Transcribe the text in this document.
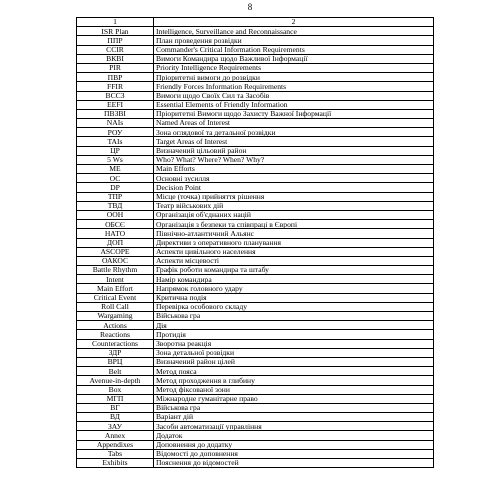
8
1	2
ISR Plan	Intelligence, Surveillance and Reconnaissance
ППР	План проведення розвідки
CCIR	Commander's Critical Information Requirements
ВКВІ	Вимоги Командира щодо Важливої Інформації
PIR	Priority Intelligence Requirements
ПВР	Пріоритетні вимоги до розвідки
FFIR	Friendly Forces Information Requirements
ВССЗ	Вимоги щодо Своїх Сил та Засобів
EEFI	Essential Elements of Friendly Information
ПВЗВІ	Пріоритетні Вимоги щодо Захисту Важної Інформації
NAIs	Named Areas of Interest
РОУ	Зона оглядової та детальної розвідки
TAIs	Target Areas of Interest
ЦР	Визначений цільовий район
5 Ws	Who? What? Where? When? Why?
ME	Main Efforts
ОС	Основні зусилля
DP	Decision Point
ТПР	Місце (точка) прийняття рішення
ТВД	Театр військових дій
ООН	Організація об'єднаних націй
ОБСЄ	Організація з безпеки та співпраці в Європі
НАТО	Північно-атлантичний Альянс
ДОП	Директиви з оперативного планування
ASCOPE	Аспекти цивільного населення
ОАКОС	Аспекти місцевості
Battle Rhythm	Графік роботи командира та штабу
Intent	Намір командира
Main Effort	Напрямок головного удару
Critical Event	Критична подія
Roll Call	Перевірка особового складу
Wargaming	Військова гра
Actions	Дія
Reactions	Протидія
Counteractions	Зворотна реакція
ЗДР	Зона детальної розвідки
ВРЦ	Визначений район цілей
Belt	Метод пояса
Avenue-in-depth	Метод проходження в глибину
Box	Метод фіксованої зони
МГП	Міжнародне гуманітарне право
ВГ	Військова гра
ВД	Варіант дій
ЗАУ	Засоби автоматизації управління
Annex	Додаток
Appendixes	Доповнення до додатку
Tabs	Відомості до доповнення
Exhibits	Пояснення до відомостей
